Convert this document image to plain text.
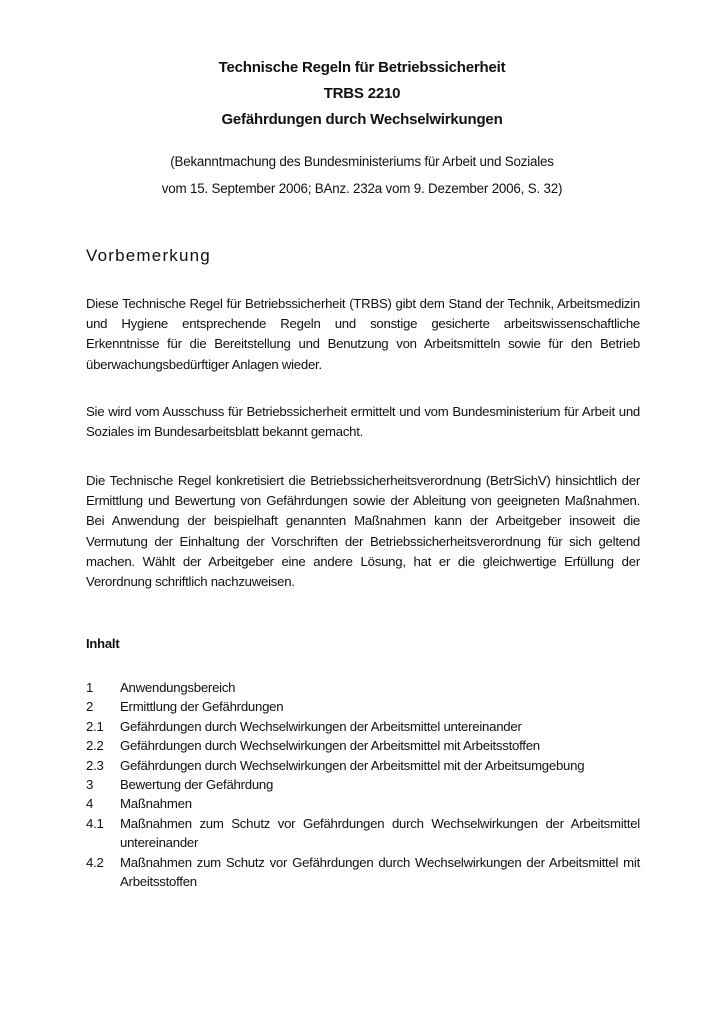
Technische Regeln für Betriebssicherheit
TRBS 2210
Gefährdungen durch Wechselwirkungen
(Bekanntmachung des Bundesministeriums für Arbeit und Soziales
vom 15. September 2006; BAnz. 232a vom 9. Dezember 2006, S. 32)
Vorbemerkung
Diese Technische Regel für Betriebssicherheit (TRBS) gibt dem Stand der Technik, Arbeitsmedizin und Hygiene entsprechende Regeln und sonstige gesicherte arbeitswissenschaftliche Erkenntnisse für die Bereitstellung und Benutzung von Arbeitsmitteln sowie für den Betrieb überwachungsbedürftiger Anlagen wieder.
Sie wird vom Ausschuss für Betriebssicherheit ermittelt und vom Bundesministerium für Arbeit und Soziales im Bundesarbeitsblatt bekannt gemacht.
Die Technische Regel konkretisiert die Betriebssicherheitsverordnung (BetrSichV) hinsichtlich der Ermittlung und Bewertung von Gefährdungen sowie der Ableitung von geeigneten Maßnahmen. Bei Anwendung der beispielhaft genannten Maßnahmen kann der Arbeitgeber insoweit die Vermutung der Einhaltung der Vorschriften der Betriebssicherheitsverordnung für sich geltend machen. Wählt der Arbeitgeber eine andere Lösung, hat er die gleichwertige Erfüllung der Verordnung schriftlich nachzuweisen.
Inhalt
1 Anwendungsbereich
2 Ermittlung der Gefährdungen
2.1 Gefährdungen durch Wechselwirkungen der Arbeitsmittel untereinander
2.2 Gefährdungen durch Wechselwirkungen der Arbeitsmittel mit Arbeitsstoffen
2.3 Gefährdungen durch Wechselwirkungen der Arbeitsmittel mit der Arbeitsumgebung
3 Bewertung der Gefährdung
4 Maßnahmen
4.1 Maßnahmen zum Schutz vor Gefährdungen durch Wechselwirkungen der Arbeitsmittel untereinander
4.2 Maßnahmen zum Schutz vor Gefährdungen durch Wechselwirkungen der Arbeitsmittel mit Arbeitsstoffen
